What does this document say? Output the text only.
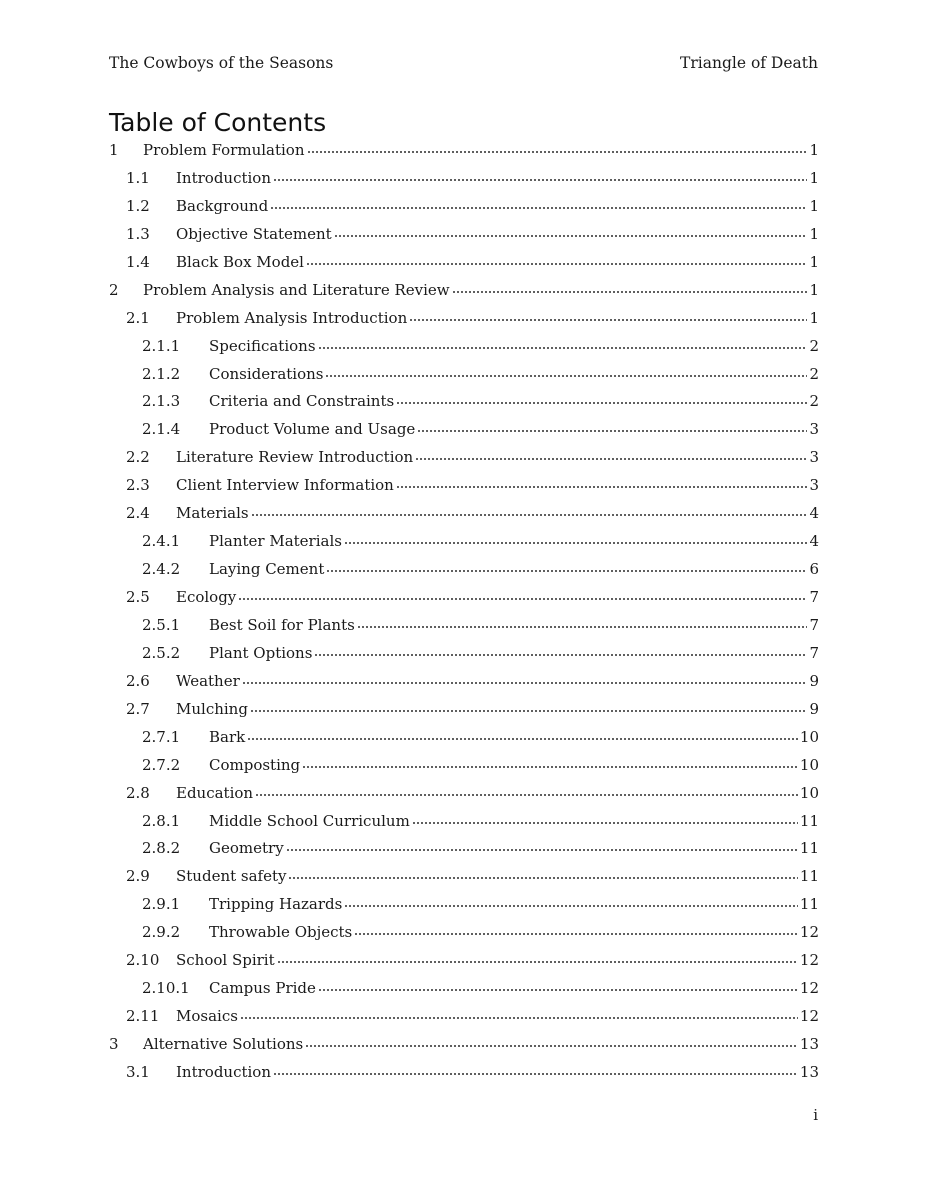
The Cowboys of the Seasons	Triangle of Death
Table of Contents
1	Problem Formulation	1
1.1	Introduction	1
1.2	Background	1
1.3	Objective Statement	1
1.4	Black Box Model	1
2	Problem Analysis and Literature Review	1
2.1	Problem Analysis Introduction	1
2.1.1	Specifications	2
2.1.2	Considerations	2
2.1.3	Criteria and Constraints	2
2.1.4	Product Volume and Usage	3
2.2	Literature Review Introduction	3
2.3	Client Interview Information	3
2.4	Materials	4
2.4.1	Planter Materials	4
2.4.2	Laying Cement	6
2.5	Ecology	7
2.5.1	Best Soil for Plants	7
2.5.2	Plant Options	7
2.6	Weather	9
2.7	Mulching	9
2.7.1	Bark	10
2.7.2	Composting	10
2.8	Education	10
2.8.1	Middle School Curriculum	11
2.8.2	Geometry	11
2.9	Student safety	11
2.9.1	Tripping Hazards	11
2.9.2	Throwable Objects	12
2.10	School Spirit	12
2.10.1	Campus Pride	12
2.11	Mosaics	12
3	Alternative Solutions	13
3.1	Introduction	13
i
